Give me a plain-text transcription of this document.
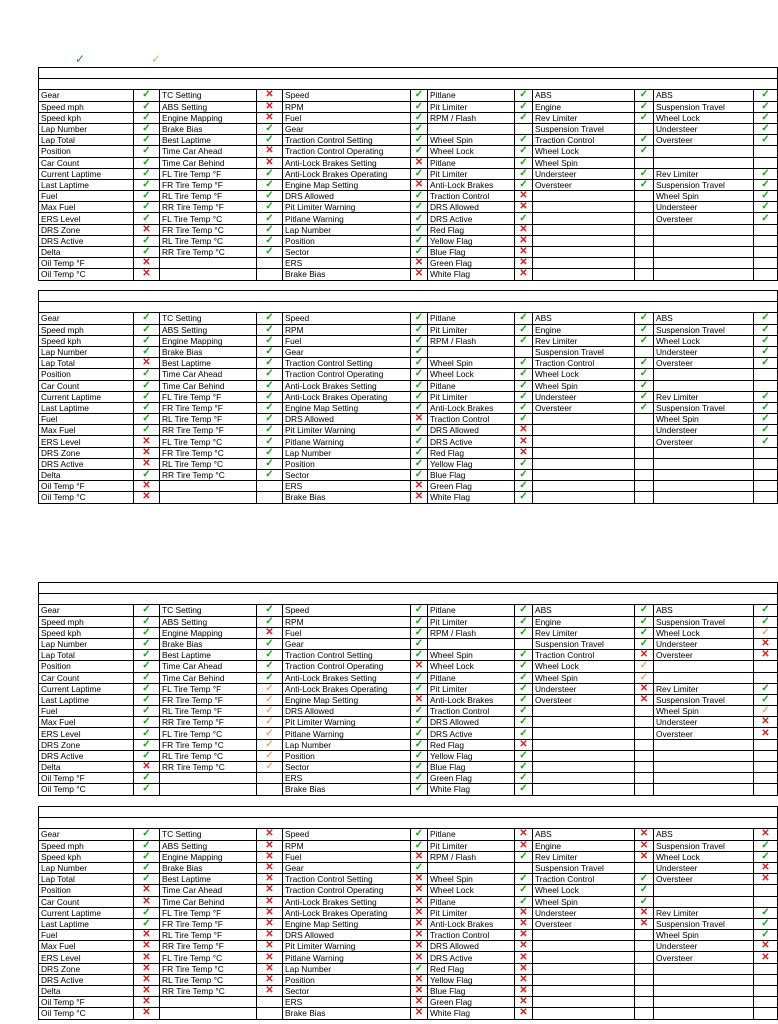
✓	✓

Gear	✓	TC Setting	✕	Speed	✓	Pitlane	✓	ABS	✓	ABS	✓
Speed mph	✓	ABS Setting	✕	RPM	✓	Pit Limiter	✓	Engine	✓	Suspension Travel	✓
Speed kph	✓	Engine Mapping	✕	Fuel	✓	RPM / Flash	✓	Rev Limiter	✓	Wheel Lock	✓
Lap Number	✓	Brake Bias	✓	Gear	✓			Suspension Travel		Understeer	✓
Lap Total	✓	Best Laptime	✓	Traction Control Setting	✓	Wheel Spin	✓	Traction Control	✓	Oversteer	✓
Position	✓	Time Car Ahead	✕	Traction Control Operating	✓	Wheel Lock	✓	Wheel Lock	✓		
Car Count	✓	Time Car Behind	✕	Anti-Lock Brakes Setting	✕	Pitlane	✓	Wheel Spin			
Current Laptime	✓	FL Tire Temp °F	✓	Anti-Lock Brakes Operating	✓	Pit Limiter	✓	Understeer	✓	Rev Limiter	✓
Last Laptime	✓	FR Tire Temp °F	✓	Engine Map Setting	✕	Anti-Lock Brakes	✓	Oversteer	✓	Suspension Travel	✓
Fuel	✓	RL Tire Temp °F	✓	DRS Allowed	✓	Traction Control	✕			Wheel Spin	✓
Max Fuel	✓	RR Tire Temp °F	✓	Pit Limiter Warning	✓	DRS Allowed	✕			Understeer	✓
ERS Level	✓	FL Tire Temp °C	✓	Pitlane Warning	✓	DRS Active	✓			Oversteer	✓
DRS Zone	✕	FR Tire Temp °C	✓	Lap Number	✓	Red Flag	✕				
DRS Active	✓	RL Tire Temp °C	✓	Position	✓	Yellow Flag	✕				
Delta	✓	RR Tire Temp °C	✓	Sector	✓	Blue Flag	✕				
Oil Temp °F	✕			ERS	✕	Green Flag	✕				
Oil Temp °C	✕			Brake Bias	✕	White Flag	✕				

Gear	✓	TC Setting	✓	Speed	✓	Pitlane	✓	ABS	✓	ABS	✓
Speed mph	✓	ABS Setting	✓	RPM	✓	Pit Limiter	✓	Engine	✓	Suspension Travel	✓
Speed kph	✓	Engine Mapping	✓	Fuel	✓	RPM / Flash	✓	Rev Limiter	✓	Wheel Lock	✓
Lap Number	✓	Brake Bias	✓	Gear	✓			Suspension Travel		Understeer	✓
Lap Total	✕	Best Laptime	✓	Traction Control Setting	✓	Wheel Spin	✓	Traction Control	✓	Oversteer	✓
Position	✓	Time Car Ahead	✓	Traction Control Operating	✓	Wheel Lock	✓	Wheel Lock	✓		
Car Count	✓	Time Car Behind	✓	Anti-Lock Brakes Setting	✓	Pitlane	✓	Wheel Spin	✓		
Current Laptime	✓	FL Tire Temp °F	✓	Anti-Lock Brakes Operating	✓	Pit Limiter	✓	Understeer	✓	Rev Limiter	✓
Last Laptime	✓	FR Tire Temp °F	✓	Engine Map Setting	✓	Anti-Lock Brakes	✓	Oversteer	✓	Suspension Travel	✓
Fuel	✓	RL Tire Temp °F	✓	DRS Allowed	✕	Traction Control	✓			Wheel Spin	✓
Max Fuel	✓	RR Tire Temp °F	✓	Pit Limiter Warning	✓	DRS Allowed	✕			Understeer	✓
ERS Level	✕	FL Tire Temp °C	✓	Pitlane Warning	✓	DRS Active	✕			Oversteer	✓
DRS Zone	✕	FR Tire Temp °C	✓	Lap Number	✓	Red Flag	✕				
DRS Active	✕	RL Tire Temp °C	✓	Position	✓	Yellow Flag	✓				
Delta	✓	RR Tire Temp °C	✓	Sector	✓	Blue Flag	✓				
Oil Temp °F	✕			ERS	✕	Green Flag	✓				
Oil Temp °C	✕			Brake Bias	✕	White Flag	✓				

Gear	✓	TC Setting	✓	Speed	✓	Pitlane	✓	ABS	✓	ABS	✓
Speed mph	✓	ABS Setting	✓	RPM	✓	Pit Limiter	✓	Engine	✓	Suspension Travel	✓
Speed kph	✓	Engine Mapping	✕	Fuel	✓	RPM / Flash	✓	Rev Limiter	✓	Wheel Lock	✓
Lap Number	✓	Brake Bias	✓	Gear	✓			Suspension Travel	✓	Understeer	✕
Lap Total	✓	Best Laptime	✓	Traction Control Setting	✓	Wheel Spin	✓	Traction Control	✕	Oversteer	✕
Position	✓	Time Car Ahead	✓	Traction Control Operating	✕	Wheel Lock	✓	Wheel Lock	✓		
Car Count	✓	Time Car Behind	✓	Anti-Lock Brakes Setting	✓	Pitlane	✓	Wheel Spin	✓		
Current Laptime	✓	FL Tire Temp °F	✓	Anti-Lock Brakes Operating	✓	Pit Limiter	✓	Understeer	✕	Rev Limiter	✓
Last Laptime	✓	FR Tire Temp °F	✓	Engine Map Setting	✕	Anti-Lock Brakes	✓	Oversteer	✕	Suspension Travel	✓
Fuel	✓	RL Tire Temp °F	✓	DRS Allowed	✓	Traction Control	✓			Wheel Spin	✓
Max Fuel	✓	RR Tire Temp °F	✓	Pit Limiter Warning	✓	DRS Allowed	✓			Understeer	✕
ERS Level	✓	FL Tire Temp °C	✓	Pitlane Warning	✓	DRS Active	✓			Oversteer	✕
DRS Zone	✓	FR Tire Temp °C	✓	Lap Number	✓	Red Flag	✕				
DRS Active	✓	RL Tire Temp °C	✓	Position	✓	Yellow Flag	✓				
Delta	✕	RR Tire Temp °C	✓	Sector	✓	Blue Flag	✓				
Oil Temp °F	✓			ERS	✓	Green Flag	✓				
Oil Temp °C	✓			Brake Bias	✓	White Flag	✓				

Gear	✓	TC Setting	✕	Speed	✓	Pitlane	✕	ABS	✕	ABS	✕
Speed mph	✓	ABS Setting	✕	RPM	✓	Pit Limiter	✕	Engine	✕	Suspension Travel	✓
Speed kph	✓	Engine Mapping	✕	Fuel	✕	RPM / Flash	✓	Rev Limiter	✕	Wheel Lock	✓
Lap Number	✓	Brake Bias	✕	Gear	✓			Suspension Travel		Understeer	✕
Lap Total	✓	Best Laptime	✕	Traction Control Setting	✕	Wheel Spin	✓	Traction Control	✓	Oversteer	✕
Position	✕	Time Car Ahead	✕	Traction Control Operating	✕	Wheel Lock	✓	Wheel Lock	✓		
Car Count	✕	Time Car Behind	✕	Anti-Lock Brakes Setting	✕	Pitlane	✓	Wheel Spin	✓		
Current Laptime	✓	FL Tire Temp °F	✕	Anti-Lock Brakes Operating	✕	Pit Limiter	✕	Understeer	✕	Rev Limiter	✓
Last Laptime	✓	FR Tire Temp °F	✕	Engine Map Setting	✕	Anti-Lock Brakes	✕	Oversteer	✕	Suspension Travel	✓
Fuel	✕	RL Tire Temp °F	✕	DRS Allowed	✕	Traction Control	✕			Wheel Spin	✓
Max Fuel	✕	RR Tire Temp °F	✕	Pit Limiter Warning	✕	DRS Allowed	✕			Understeer	✕
ERS Level	✕	FL Tire Temp °C	✕	Pitlane Warning	✕	DRS Active	✕			Oversteer	✕
DRS Zone	✕	FR Tire Temp °C	✕	Lap Number	✓	Red Flag	✕				
DRS Active	✕	RL Tire Temp °C	✕	Position	✕	Yellow Flag	✕				
Delta	✕	RR Tire Temp °C	✕	Sector	✕	Blue Flag	✕				
Oil Temp °F	✕			ERS	✕	Green Flag	✕				
Oil Temp °C	✕			Brake Bias	✕	White Flag	✕				
